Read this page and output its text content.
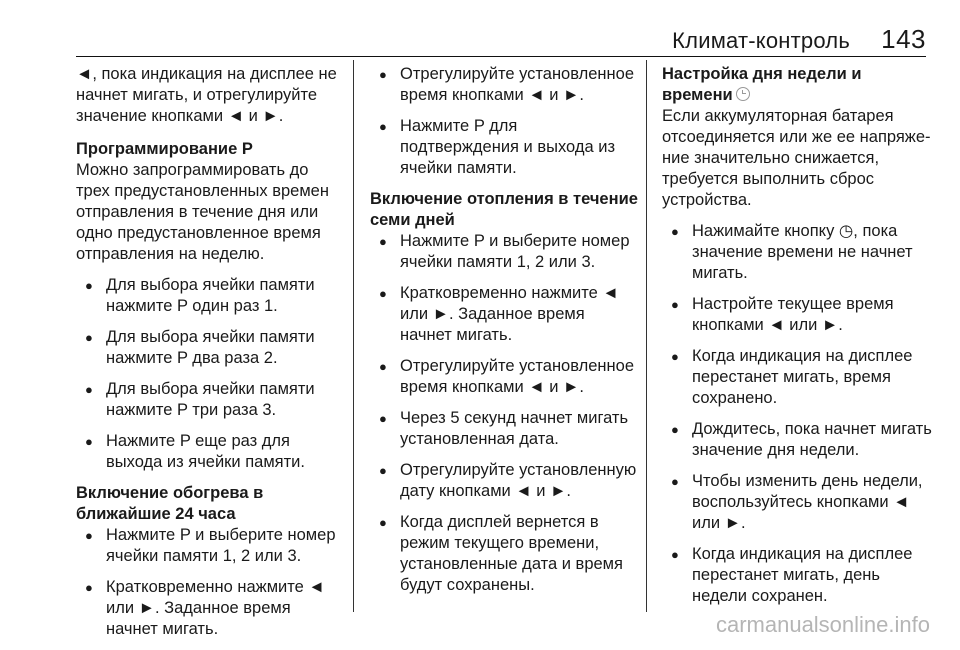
Климат-контроль 143

◄, пока индикация на дисплее не начнет мигать, и отрегулируйте значение кнопками ◄ и ►.

Программирование P

Можно запрограммировать до трех предустановленных времен отправления в течение дня или одно предустановленное время отправления на неделю.

● Для выбора ячейки памяти нажмите P один раз 1.
● Для выбора ячейки памяти нажмите P два раза 2.
● Для выбора ячейки памяти нажмите P три раза 3.
● Нажмите P еще раз для выхода из ячейки памяти.
Включение обогрева в ближайшие 24 часа
● Нажмите P и выберите номер ячейки памяти 1, 2 или 3.
● Кратковременно нажмите ◄ или ►. Заданное время начнет мигать.
● Отрегулируйте установленное время кнопками ◄ и ►.
● Нажмите P для подтверждения и выхода из ячейки памяти.
Включение отопления в течение семи дней
● Нажмите P и выберите номер ячейки памяти 1, 2 или 3.
● Кратковременно нажмите ◄ или ►. Заданное время начнет мигать.
● Отрегулируйте установленное время кнопками ◄ и ►.
● Через 5 секунд начнет мигать установленная дата.
● Отрегулируйте установленную дату кнопками ◄ и ►.
● Когда дисплей вернется в режим текущего времени, установленные дата и время будут сохранены.
Настройка дня недели и времени

Если аккумуляторная батарея отсоединяется или же ее напряжение значительно снижается, требуется выполнить сброс устройства.

● Нажимайте кнопку ◷, пока значение времени не начнет мигать.
● Настройте текущее время кнопками ◄ или ►.
● Когда индикация на дисплее перестанет мигать, время сохранено.
● Дождитесь, пока начнет мигать значение дня недели.
● Чтобы изменить день недели, воспользуйтесь кнопками ◄ или ►.
● Когда индикация на дисплее перестанет мигать, день недели сохранен.
carmanualsonline.info
